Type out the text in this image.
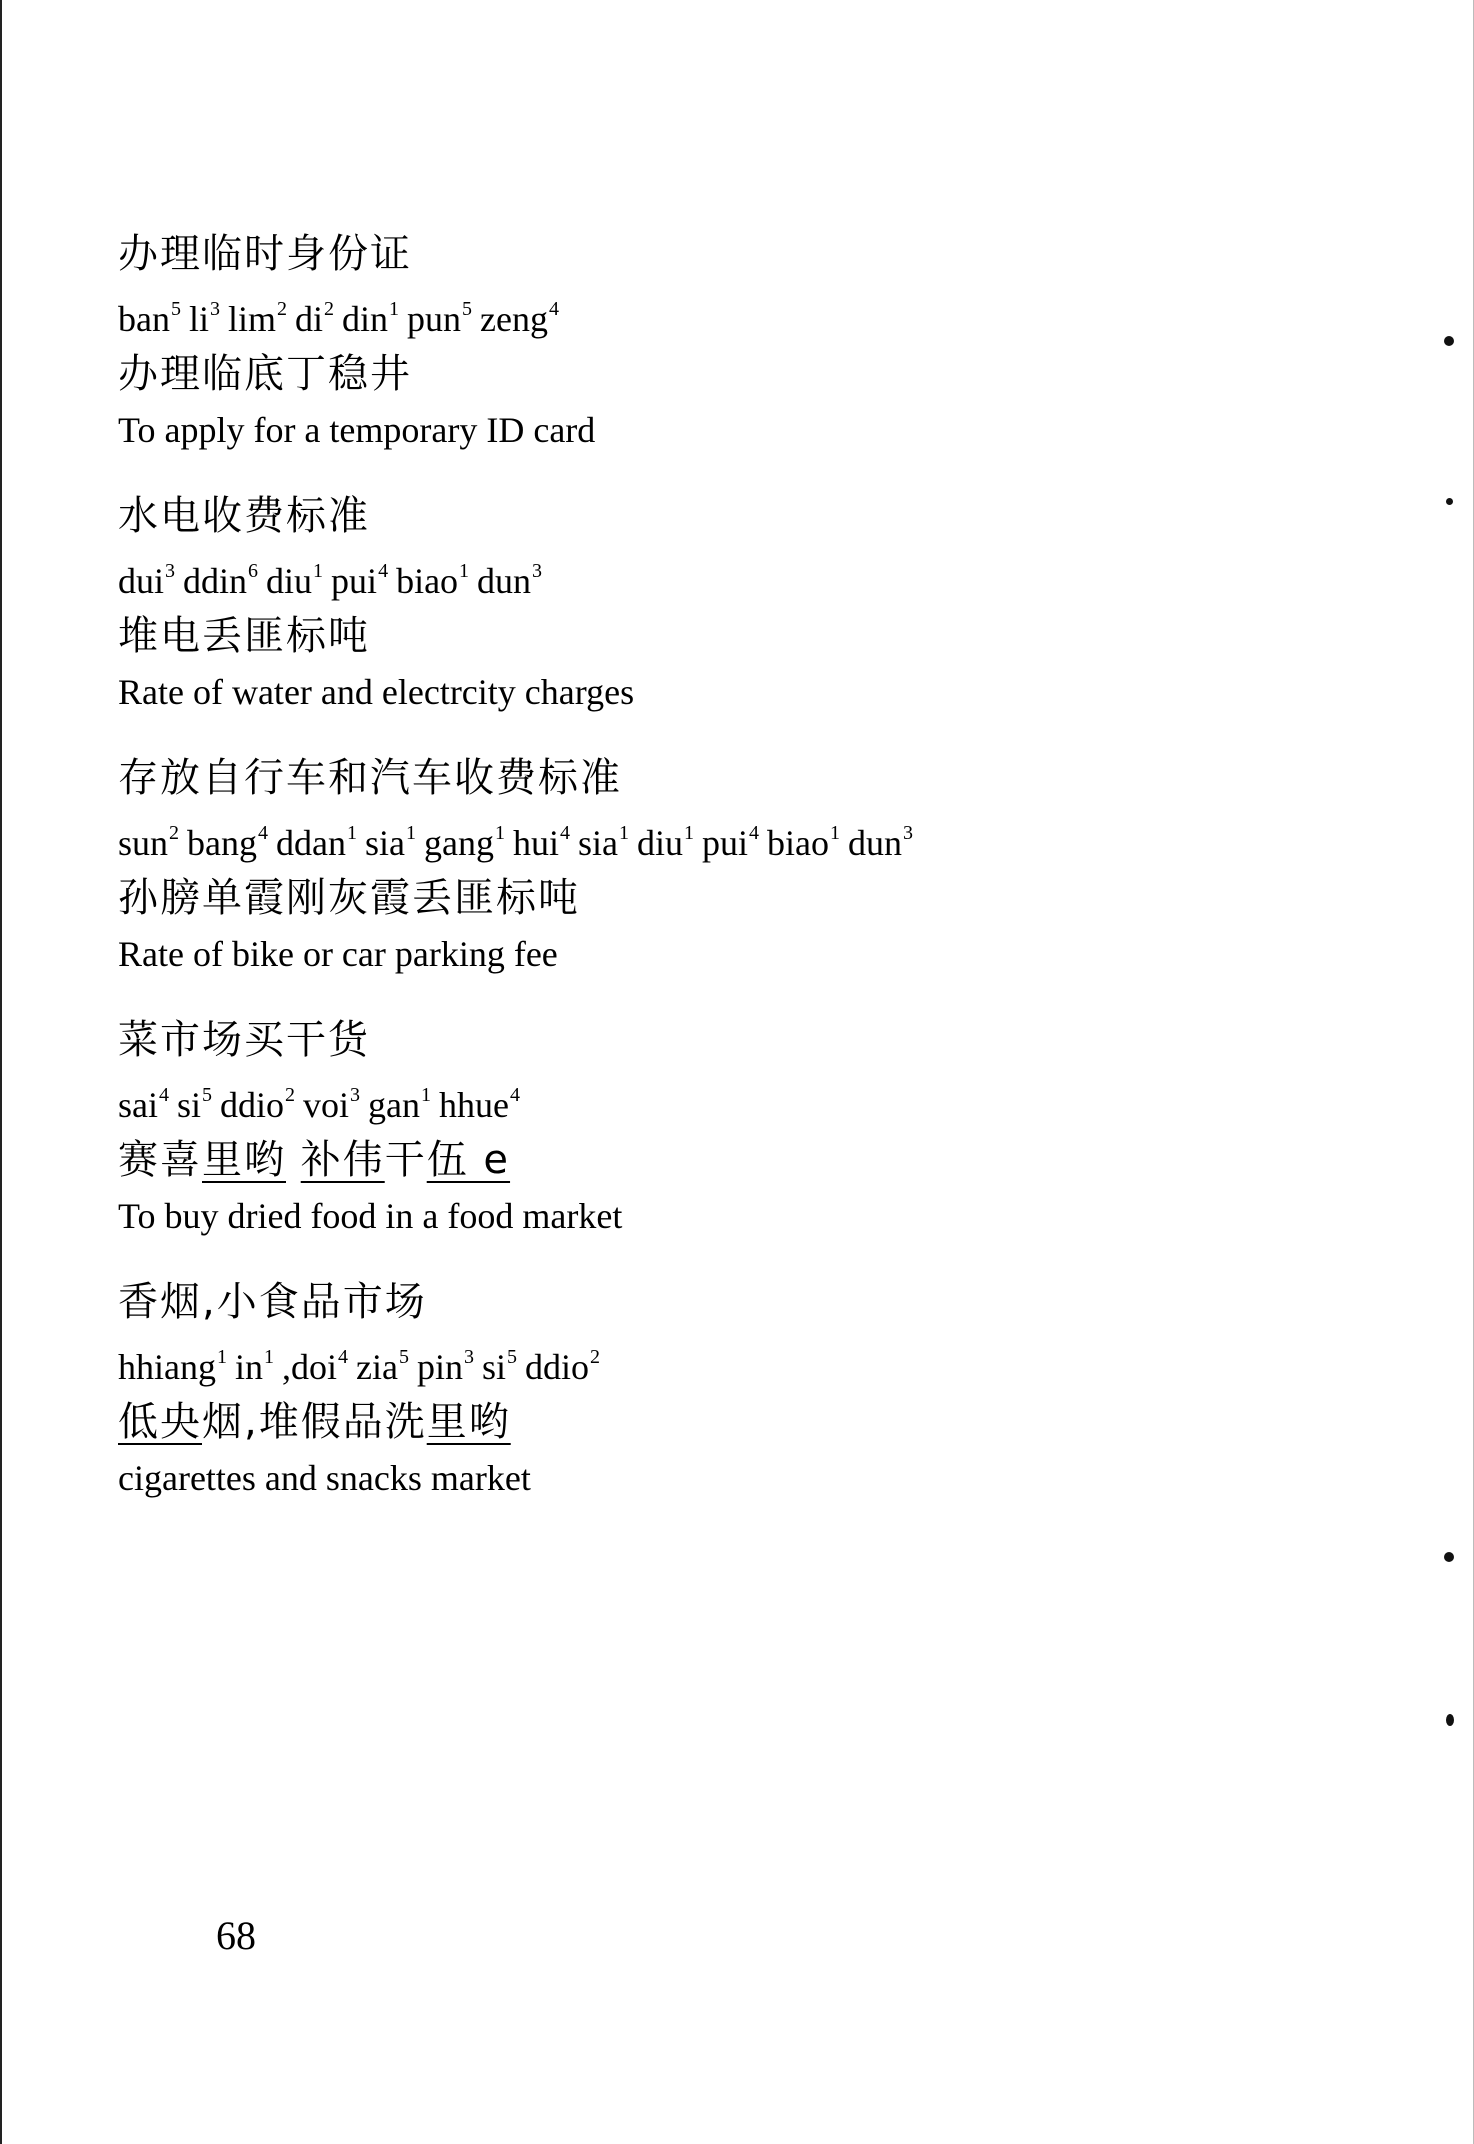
办理临时身份证
ban$^5$ $li^3$ $\lim^2 di^2$ din$^1$ pun$^5$ zeng$^4$
办理临底丁稳井
To apply for a temporary ID card
水电收费标准
dui$^3$ ddin$^6$ diu$^1$ pui$^4$ biao$^1$ dun$^3$
堆电丢匪标吨
Rate of water and electrcity charges
存放自行车和汽车收费标准
sun$^2$ bang$^4$ ddan$^1$ sia$^1$ gang$^1$ hui$^4$ sia$^1$ diu$^1$ pui$^4$ biao$^1$ dun$^3$
孙膀单霞刚灰霞丢匪标吨
Rate of bike or car parking fee
菜市场买干货
sai$^4$ $si^5$ ddio$^2$ voi$^3$ gan$^1$ hhue$^4$
赛喜里哟 补伟干伍 e
To buy dried food in a food market
香烟,小食品市场
hhiang$^1$ $in^1$ ,doi$^4$ zia$^5$ pin$^3$ $si^5$ ddio$^2$
低央烟,堆假品洗里哟
cigarettes and snacks market
68
